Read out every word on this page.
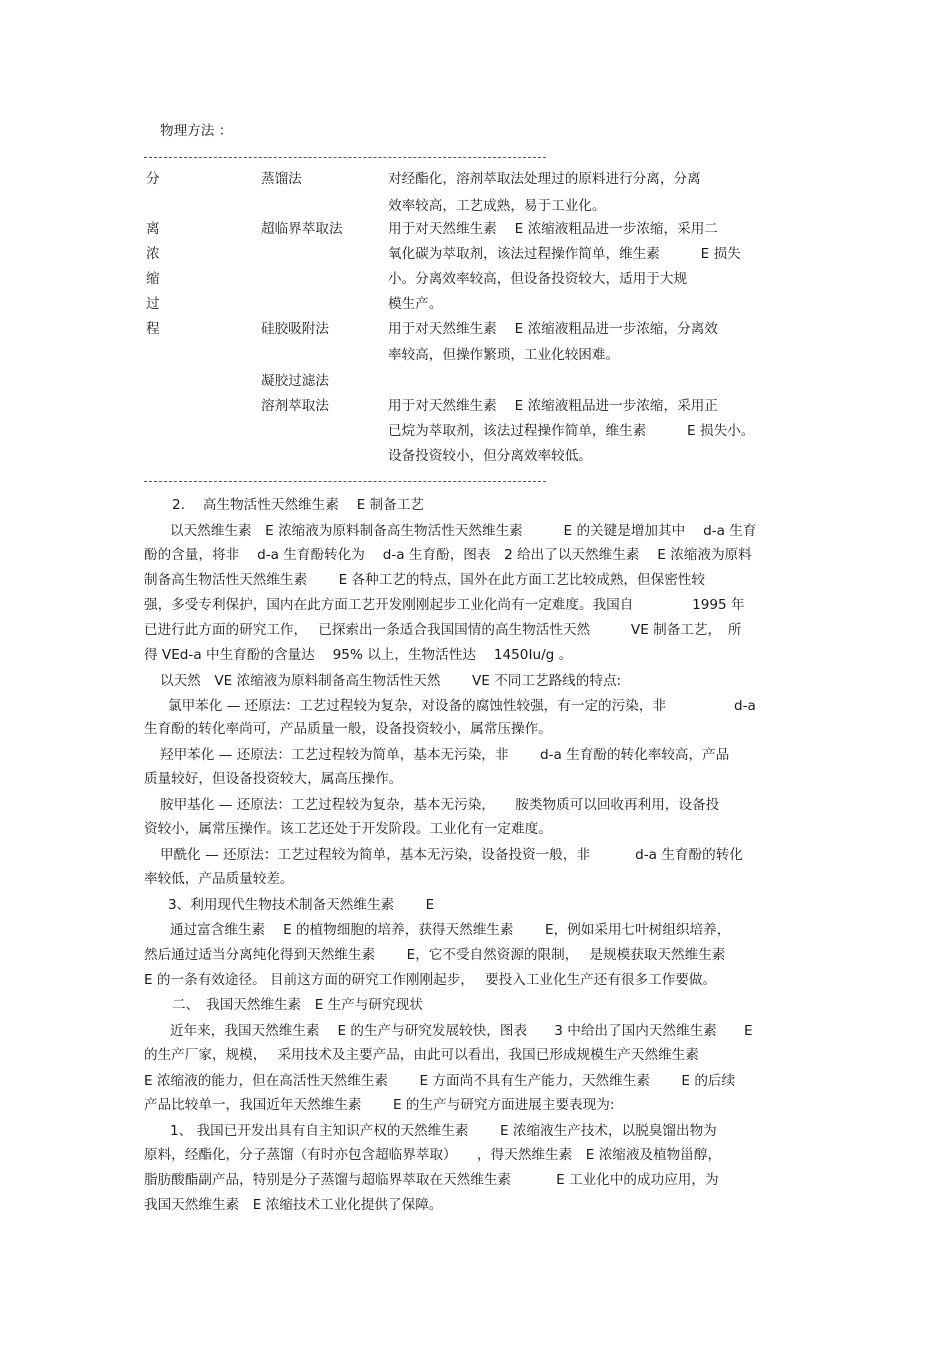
物理方法 ：
分
离
浓
缩
过
程
蒸馏法
超临界萃取法
硅胶吸附法
凝胶过滤法
溶剂萃取法
对经酯化，溶剂萃取法处理过的原料进行分离，分离
效率较高，工艺成熟，易于工业化。
用于对天然维生素　 E 浓缩液粗品进一步浓缩，采用二
氧化碳为萃取剂，该法过程操作简单，维生素　　　E 损失
小。分离效率较高，但设备投资较大，适用于大规
模生产。
用于对天然维生素　 E 浓缩液粗品进一步浓缩，分离效
率较高，但操作繁琐，工业化较困难。
用于对天然维生素　 E 浓缩液粗品进一步浓缩，采用正
已烷为萃取剂，该法过程操作简单，维生素　　　E 损失小。
设备投资较小，但分离效率较低。
2.　 高生物活性天然维生素　 E 制备工艺
以天然维生素　E 浓缩液为原料制备高生物活性天然维生素　　　E 的关键是增加其中　 d-a 生育
酚的含量，将非　 d-a 生育酚转化为　 d-a 生育酚，图表　2 给出了以天然维生素　 E 浓缩液为原料
制备高生物活性天然维生素　　 E 各种工艺的特点，国外在此方面工艺比较成熟，但保密性较
强，多受专利保护，国内在此方面工艺开发刚刚起步工业化尚有一定难度。我国自　　　　 1995 年
已进行此方面的研究工作，　 已探索出一条适合我国国情的高生物活性天然　　　VE 制备工艺，　所
得 VEd-a 中生育酚的含量达　 95% 以上，生物活性达　 1450Iu/g 。
以天然　VE 浓缩液为原料制备高生物活性天然　　 VE 不同工艺路线的特点:
氯甲苯化 — 还原法：工艺过程较为复杂，对设备的腐蚀性较强，有一定的污染，非　　　　　d-a
生育酚的转化率尚可，产品质量一般，设备投资较小，属常压操作。
羟甲苯化 — 还原法：工艺过程较为简单，基本无污染，非　　 d-a 生育酚的转化率较高，产品
质量较好，但设备投资较大，属高压操作。
胺甲基化 — 还原法：工艺过程较为复杂，基本无污染，　　胺类物质可以回收再利用，设备投
资较小，属常压操作。该工艺还处于开发阶段。工业化有一定难度。
甲酰化 — 还原法：工艺过程较为简单，基本无污染，设备投资一般，非　　　 d-a 生育酚的转化
率较低，产品质量较差。
3、利用现代生物技术制备天然维生素　　 E
通过富含维生素　 E 的植物细胞的培养，获得天然维生素　　 E，例如采用七叶树组织培养，
然后通过适当分离纯化得到天然维生素　　 E，它不受自然资源的限制，　 是规模获取天然维生素
E 的一条有效途径。 目前这方面的研究工作刚刚起步，　 要投入工业化生产还有很多工作要做。
二、　我国天然维生素　E 生产与研究现状
近年来，我国天然维生素　 E 的生产与研究发展较快，图表　　3 中给出了国内天然维生素　　E
的生产厂家，规模，　 采用技术及主要产品，由此可以看出，我国已形成规模生产天然维生素
E 浓缩液的能力，但在高活性天然维生素　　 E 方面尚不具有生产能力，天然维生素　　 E 的后续
产品比较单一，我国近年天然维生素　　 E 的生产与研究方面进展主要表现为:
1、 我国已开发出具有自主知识产权的天然维生素　　 E 浓缩液生产技术，以脱臭馏出物为
原料，经酯化，分子蒸馏（有时亦包含超临界萃取）　　，得天然维生素　E 浓缩液及植物甾醇，
脂肪酸酯副产品，特别是分子蒸馏与超临界萃取在天然维生素　　　 E 工业化中的成功应用，为
我国天然维生素　E 浓缩技术工业化提供了保障。
